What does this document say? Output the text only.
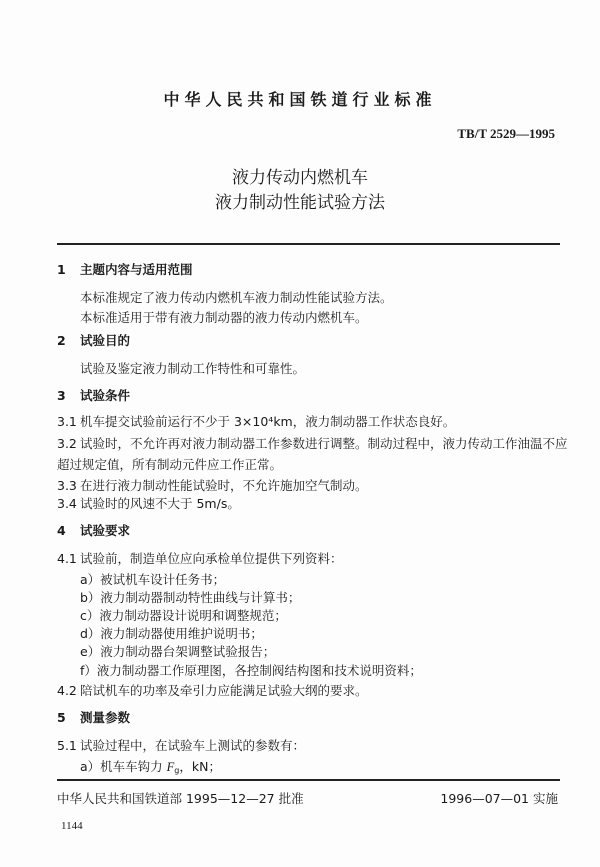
中华人民共和国铁道行业标准
TB/T 2529—1995
液力传动内燃机车
液力制动性能试验方法
1 主题内容与适用范围
本标准规定了液力传动内燃机车液力制动性能试验方法。
本标准适用于带有液力制动器的液力传动内燃机车。
2 试验目的
试验及鉴定液力制动工作特性和可靠性。
3 试验条件
3.1 机车提交试验前运行不少于 3×10⁴km，液力制动器工作状态良好。
3.2 试验时，不允许再对液力制动器工作参数进行调整。制动过程中，液力传动工作油温不应
超过规定值，所有制动元件应工作正常。
3.3 在进行液力制动性能试验时，不允许施加空气制动。
3.4 试验时的风速不大于 5m/s。
4 试验要求
4.1 试验前，制造单位应向承检单位提供下列资料：
a）被试机车设计任务书；
b）液力制动器制动特性曲线与计算书；
c）液力制动器设计说明和调整规范；
d）液力制动器使用维护说明书；
e）液力制动器台架调整试验报告；
f）液力制动器工作原理图，各控制阀结构图和技术说明资料；
4.2 陪试机车的功率及牵引力应能满足试验大纲的要求。
5 测量参数
5.1 试验过程中，在试验车上测试的参数有：
a）机车车钩力 $F_g$，kN；
中华人民共和国铁道部 1995—12—27 批准	1996—07—01 实施
1144
